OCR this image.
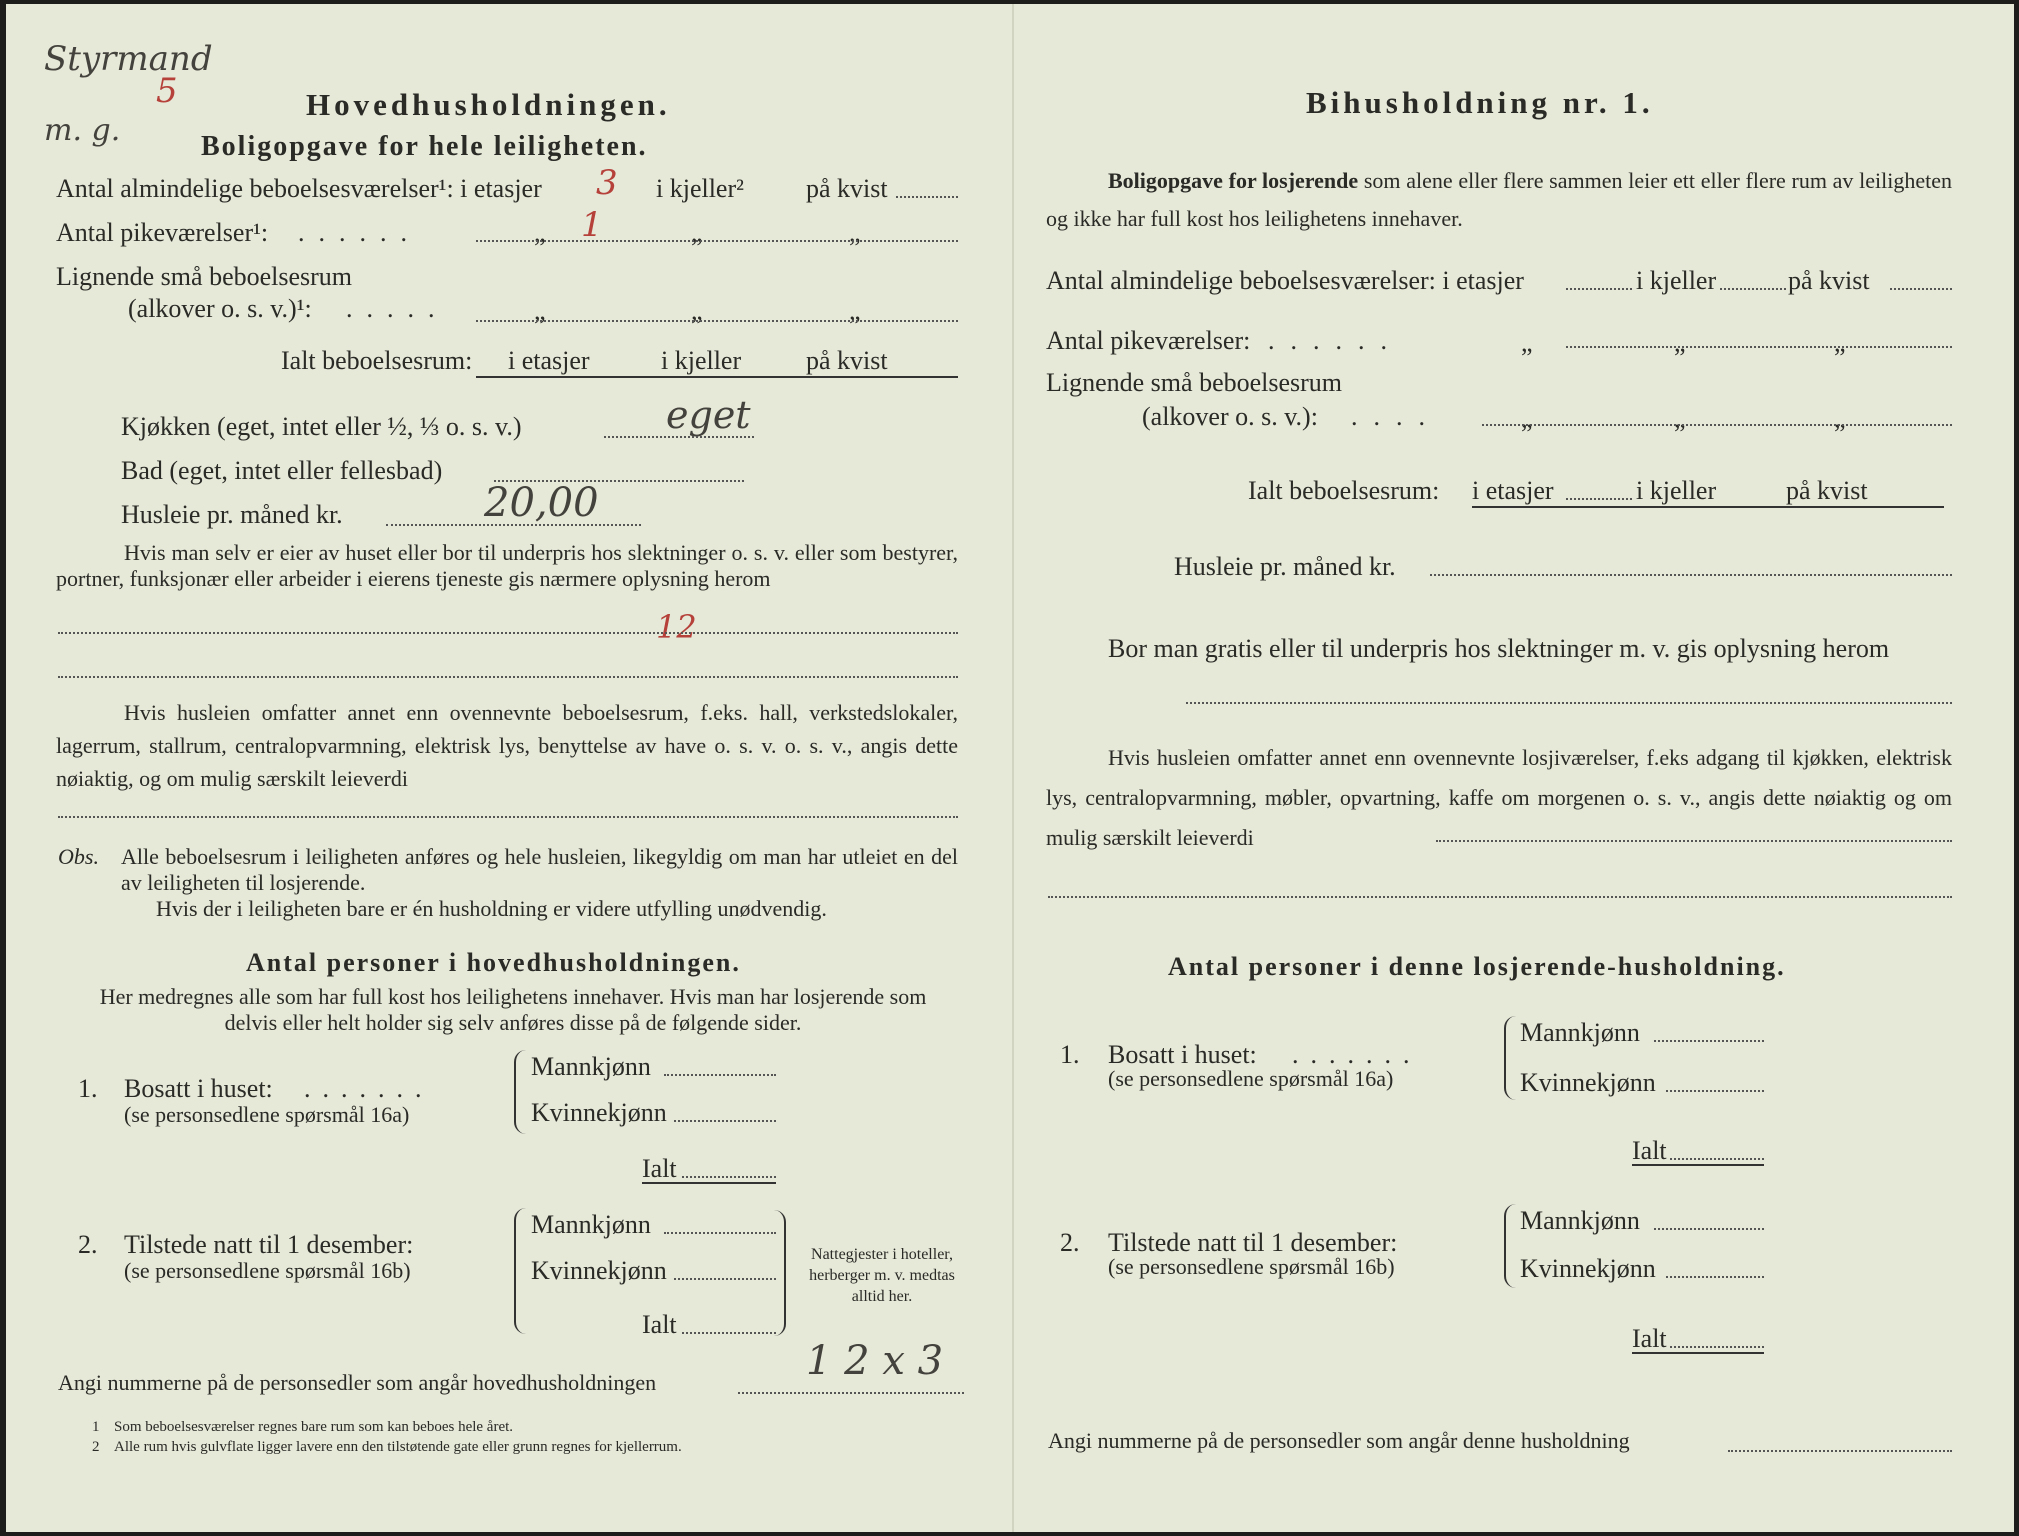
Styrmand
5
m. g.
Hovedhusholdningen.
Boligopgave for hele leiligheten.
Antal almindelige beboelsesværelser¹: i etasjer 3 i kjeller² på kvist
Antal pikeværelser¹: ......	„ 1	„	„
Lignende små beboelsesrum
(alkover o. s. v.)¹: .....	„	„	„
Ialt beboelsesrum: i etasjer	i kjeller på kvist
Kjøkken (eget, intet eller ½, ⅓ o. s. v.)	eget
Bad (eget, intet eller fellesbad)
Husleie pr. måned kr.	20,00
Hvis man selv er eier av huset eller bor til underpris hos slektninger o. s. v. eller som bestyrer, portner, funksjonær eller arbeider i eierens tjeneste gis nærmere oplysning herom
12
Hvis husleien omfatter annet enn ovennevnte beboelsesrum, f.eks. hall, verkstedslokaler, lagerrum, stallrum, centralopvarmning, elektrisk lys, benyttelse av have o. s. v. o. s. v., angis dette nøiaktig, og om mulig særskilt leieverdi
Obs. Alle beboelsesrum i leiligheten anføres og hele husleien, likegyldig om man har utleiet en del av leiligheten til losjerende.
Hvis der i leiligheten bare er én husholdning er videre utfylling unødvendig.
Antal personer i hovedhusholdningen.
Her medregnes alle som har full kost hos leilighetens innehaver. Hvis man har losjerende som delvis eller helt holder sig selv anføres disse på de følgende sider.
1. Bosatt i huset: .......
(se personsedlene spørsmål 16a)
Mannkjønn
Kvinnekjønn
Ialt
2. Tilstede natt til 1 desember:
(se personsedlene spørsmål 16b)
Mannkjønn
Kvinnekjønn
Ialt
Nattegjester i hoteller, herberger m. v. medtas alltid her.
Angi nummerne på de personsedler som angår hovedhusholdningen	1 2 x 3
1 Som beboelsesværelser regnes bare rum som kan beboes hele året.
2 Alle rum hvis gulvflate ligger lavere enn den tilstøtende gate eller grunn regnes for kjellerrum.
Bihusholdning nr. 1.
Boligopgave for losjerende som alene eller flere sammen leier ett eller flere rum av leiligheten og ikke har full kost hos leilighetens innehaver.
Antal almindelige beboelsesværelser: i etasjer	i kjeller	på kvist
Antal pikeværelser: ......	„	„	„
Lignende små beboelsesrum
(alkover o. s. v.): ....	„	„	„
Ialt beboelsesrum: i etasjer	i kjeller	på kvist
Husleie pr. måned kr.
Bor man gratis eller til underpris hos slektninger m. v. gis oplysning herom
Hvis husleien omfatter annet enn ovennevnte losjiværelser, f.eks adgang til kjøkken, elektrisk lys, centralopvarmning, møbler, opvartning, kaffe om morgenen o. s. v., angis dette nøiaktig og om mulig særskilt leieverdi
Antal personer i denne losjerende-husholdning.
1. Bosatt i huset: .......
(se personsedlene spørsmål 16a)
Mannkjønn
Kvinnekjønn
Ialt
2. Tilstede natt til 1 desember:
(se personsedlene spørsmål 16b)
Mannkjønn
Kvinnekjønn
Ialt
Angi nummerne på de personsedler som angår denne husholdning
